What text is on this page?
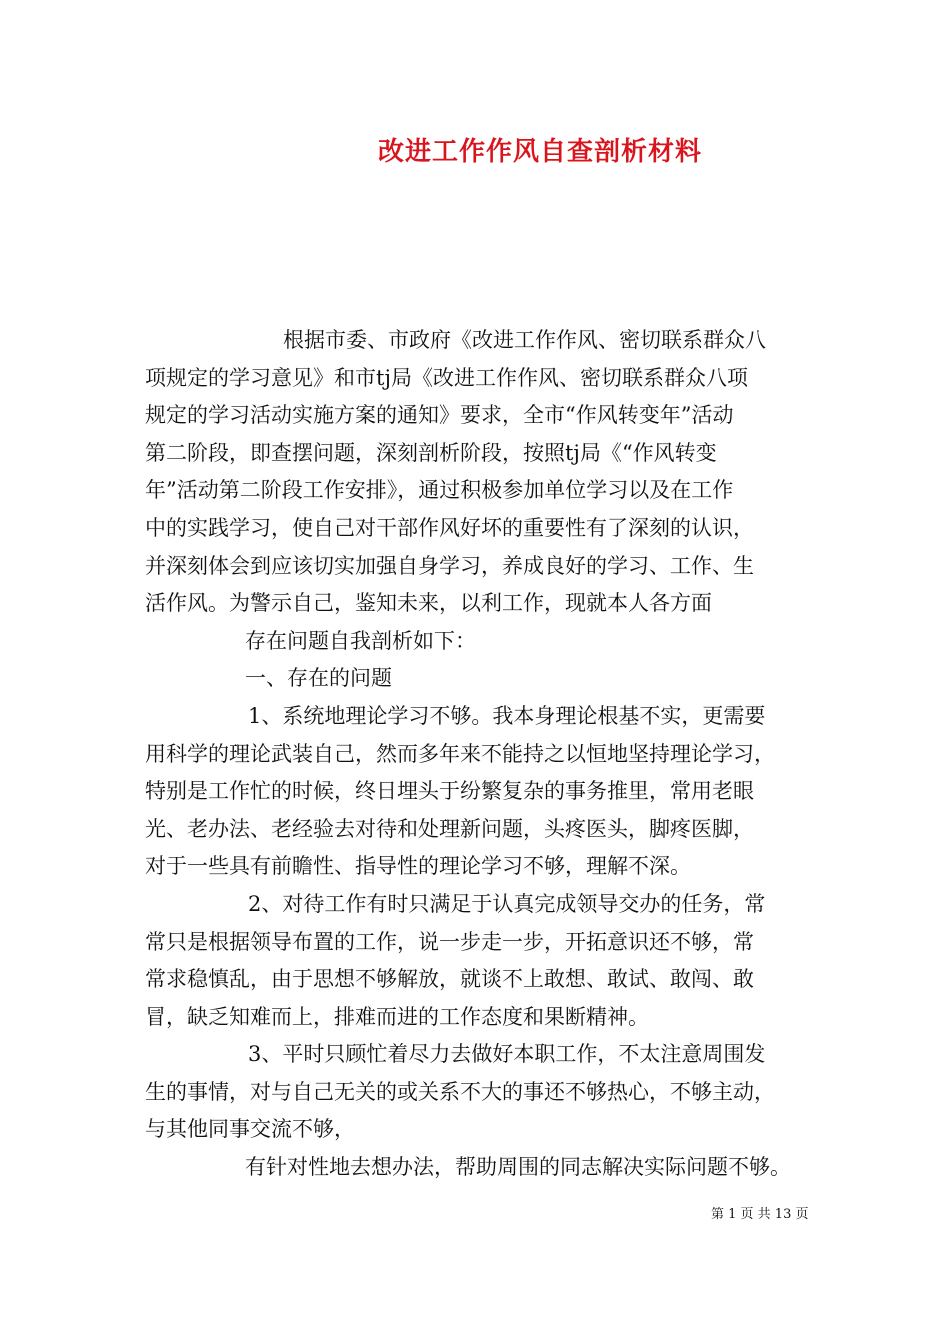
改进工作作风自查剖析材料
根据市委、市政府《改进工作作风、密切联系群众八
项规定的学习意见》和市tj局《改进工作作风、密切联系群众八项
规定的学习活动实施方案的通知》要求，全市“作风转变年”活动
第二阶段，即查摆问题，深刻剖析阶段，按照tj局《“作风转变
年”活动第二阶段工作安排》，通过积极参加单位学习以及在工作
中的实践学习，使自己对干部作风好坏的重要性有了深刻的认识，
并深刻体会到应该切实加强自身学习，养成良好的学习、工作、生
活作风。为警示自己，鉴知未来，以利工作，现就本人各方面
存在问题自我剖析如下：
一、存在的问题
1、系统地理论学习不够。我本身理论根基不实，更需要
用科学的理论武装自己，然而多年来不能持之以恒地坚持理论学习，
特别是工作忙的时候，终日埋头于纷繁复杂的事务推里，常用老眼
光、老办法、老经验去对待和处理新问题，头疼医头，脚疼医脚，
对于一些具有前瞻性、指导性的理论学习不够，理解不深。
2、对待工作有时只满足于认真完成领导交办的任务，常
常只是根据领导布置的工作，说一步走一步，开拓意识还不够，常
常求稳慎乱，由于思想不够解放，就谈不上敢想、敢试、敢闯、敢
冒，缺乏知难而上，排难而进的工作态度和果断精神。
3、平时只顾忙着尽力去做好本职工作，不太注意周围发
生的事情，对与自己无关的或关系不大的事还不够热心，不够主动，
与其他同事交流不够，
有针对性地去想办法，帮助周围的同志解决实际问题不够。
第 1 页 共 13 页
